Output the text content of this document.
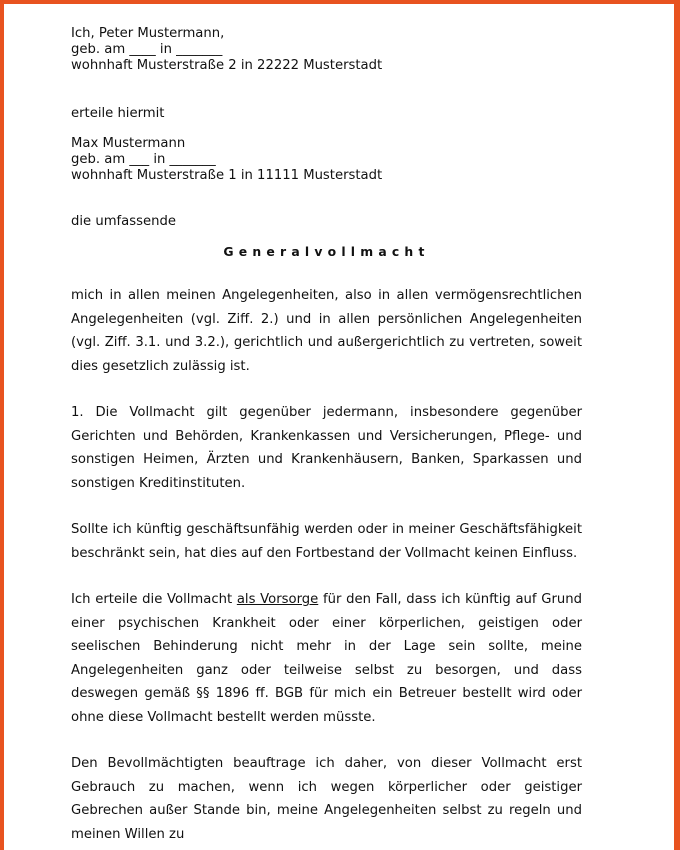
Ich, Peter Mustermann,
geb. am ____ in _______
wohnhaft Musterstraße 2 in 22222 Musterstadt
erteile hiermit
Max Mustermann
geb. am ___ in _______
wohnhaft Musterstraße 1 in 11111 Musterstadt
die umfassende
Generalvollmacht

mich in allen meinen Angelegenheiten, also in allen vermögensrechtlichen Angelegenheiten (vgl. Ziff. 2.) und in allen persönlichen Angelegenheiten (vgl. Ziff. 3.1. und 3.2.), gerichtlich und außergerichtlich zu vertreten, soweit dies gesetzlich zulässig ist.

1. Die Vollmacht gilt gegenüber jedermann, insbesondere gegenüber Gerichten und Behörden, Krankenkassen und Versicherungen, Pflege- und sonstigen Heimen, Ärzten und Krankenhäusern, Banken, Sparkassen und sonstigen Kreditinstituten.

Sollte ich künftig geschäftsunfähig werden oder in meiner Geschäftsfähigkeit beschränkt sein, hat dies auf den Fortbestand der Vollmacht keinen Einfluss.

Ich erteile die Vollmacht als Vorsorge für den Fall, dass ich künftig auf Grund einer psychischen Krankheit oder einer körperlichen, geistigen oder seelischen Behinderung nicht mehr in der Lage sein sollte, meine Angelegenheiten ganz oder teilweise selbst zu besorgen, und dass deswegen gemäß §§ 1896 ff. BGB für mich ein Betreuer bestellt wird oder ohne diese Vollmacht bestellt werden müsste.

Den Bevollmächtigten beauftrage ich daher, von dieser Vollmacht erst Gebrauch zu machen, wenn ich wegen körperlicher oder geistiger Gebrechen außer Stande bin, meine Angelegenheiten selbst zu regeln und meinen Willen zu
